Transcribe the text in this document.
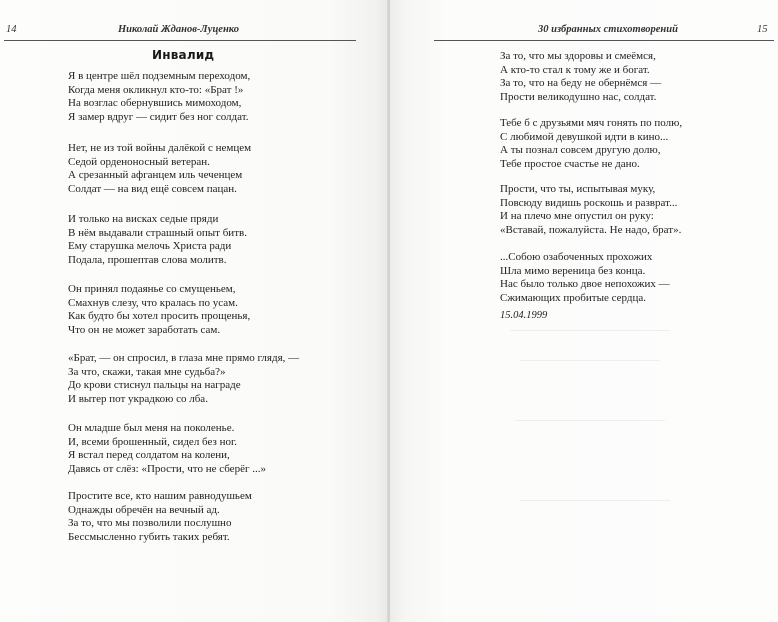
14	Николай Жданов-Луценко
Инвалид
Я в центре шёл подземным переходом,
Когда меня окликнул кто-то: «Брат !»
На возглас обернувшись мимоходом,
Я замер вдруг — сидит без ног солдат.
Нет, не из той войны далёкой с немцем
Седой орденоносный ветеран.
А срезанный афганцем иль чеченцем
Солдат — на вид ещё совсем пацан.
И только на висках седые пряди
В нём выдавали страшный опыт битв.
Ему старушка мелочь Христа ради
Подала, прошептав слова молитв.
Он принял подаянье со смущеньем,
Смахнув слезу, что кралась по усам.
Как будто бы хотел просить прощенья,
Что он не может заработать сам.
«Брат, — он спросил, в глаза мне прямо глядя, —
За что, скажи, такая мне судьба?»
До крови стиснул пальцы на награде
И вытер пот украдкою со лба.
Он младше был меня на поколенье.
И, всеми брошенный, сидел без ног.
Я встал перед солдатом на колени,
Давясь от слёз: «Прости, что не сберёг ...»
Простите все, кто нашим равнодушьем
Однажды обречён на вечный ад.
За то, что мы позволили послушно
Бессмысленно губить таких ребят.
30 избранных стихотворений	15
За то, что мы здоровы и смеёмся,
А кто-то стал к тому же и богат.
За то, что на беду не обернёмся —
Прости великодушно нас, солдат.
Тебе б с друзьями мяч гонять по полю,
С любимой девушкой идти в кино...
А ты познал совсем другую долю,
Тебе простое счастье не дано.
Прости, что ты, испытывая муку,
Повсюду видишь роскошь и разврат...
И на плечо мне опустил он руку:
«Вставай, пожалуйста. Не надо, брат».
...Собою озабоченных прохожих
Шла мимо вереница без конца.
Нас было только двое непохожих —
Сжимающих пробитые сердца.
15.04.1999
